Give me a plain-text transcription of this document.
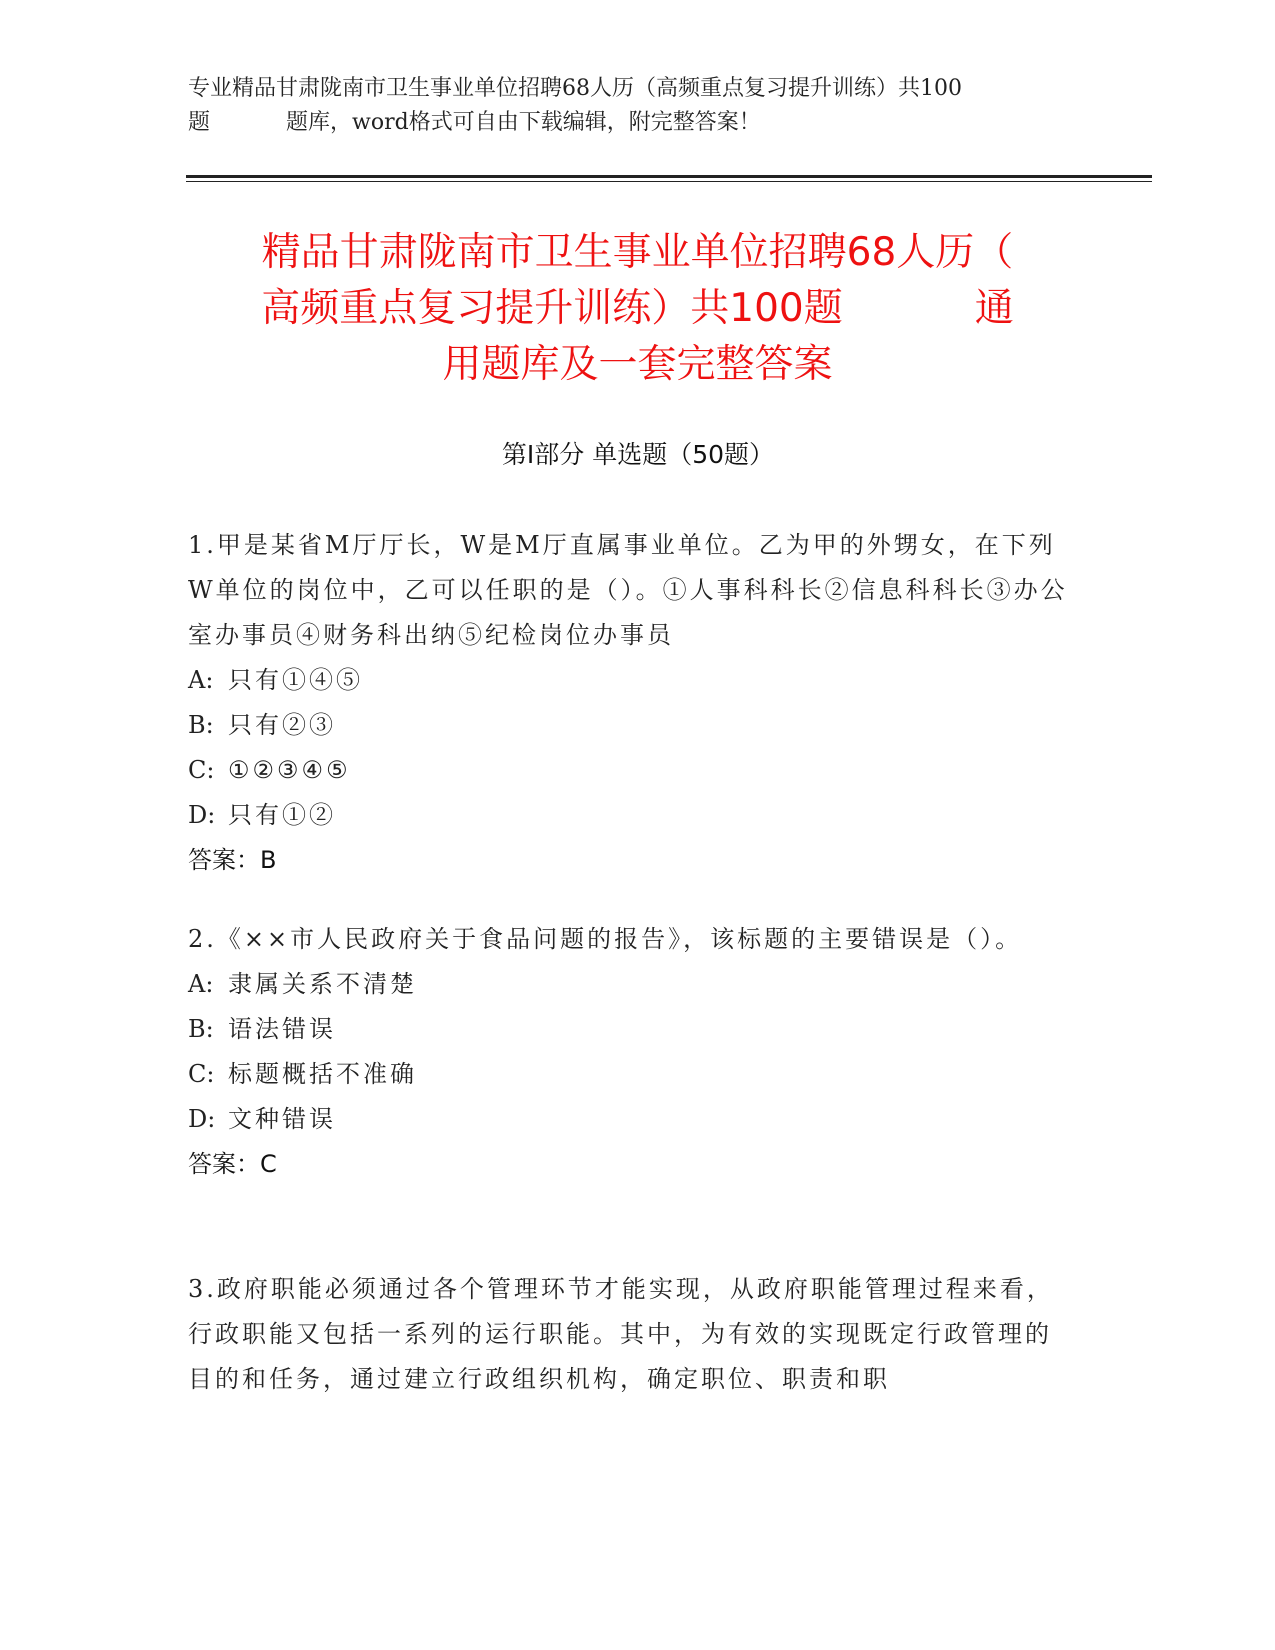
专业精品甘肃陇南市卫生事业单位招聘68人历（高频重点复习提升训练）共100
题	题库，word格式可自由下载编辑，附完整答案！
精品甘肃陇南市卫生事业单位招聘68人历（
高频重点复习提升训练）共100题	通
用题库及一套完整答案
第Ⅰ部分 单选题（50题）
1.甲是某省M厅厅长，W是M厅直属事业单位。乙为甲的外甥女，在下列W单位的岗位中，乙可以任职的是（）。①人事科科长②信息科科长③办公室办事员④财务科出纳⑤纪检岗位办事员
A: 只有①④⑤
B: 只有②③
C: ①②③④⑤
D: 只有①②
答案：B
2.《××市人民政府关于食品问题的报告》，该标题的主要错误是（）。
A: 隶属关系不清楚
B: 语法错误
C: 标题概括不准确
D: 文种错误
答案：C
3.政府职能必须通过各个管理环节才能实现，从政府职能管理过程来看，行政职能又包括一系列的运行职能。其中，为有效的实现既定行政管理的目的和任务，通过建立行政组织机构，确定职位、职责和职
